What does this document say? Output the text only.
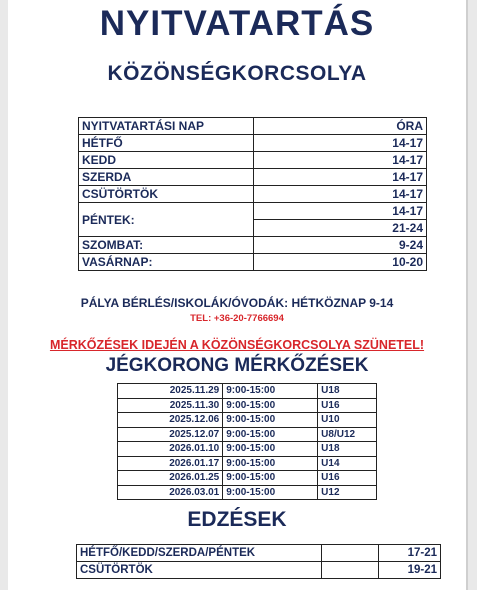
NYITVATARTÁS
KÖZÖNSÉGKORCSOLYA
NYITVATARTÁSI NAP	ÓRA
HÉTFŐ	14-17
KEDD	14-17
SZERDA	14-17
CSÜTÖRTÖK	14-17
PÉNTEK:	14-17
	21-24
SZOMBAT:	9-24
VASÁRNAP:	10-20
PÁLYA BÉRLÉS/ISKOLÁK/ÓVODÁK: HÉTKÖZNAP 9-14
TEL: +36-20-7766694
MÉRKŐZÉSEK IDEJÉN A KÖZÖNSÉGKORCSOLYA SZÜNETEL!
JÉGKORONG MÉRKŐZÉSEK
2025.11.29	9:00-15:00	U18
2025.11.30	9:00-15:00	U16
2025.12.06	9:00-15:00	U10
2025.12.07	9:00-15:00	U8/U12
2026.01.10	9:00-15:00	U18
2026.01.17	9:00-15:00	U14
2026.01.25	9:00-15:00	U16
2026.03.01	9:00-15:00	U12
EDZÉSEK
HÉTFŐ/KEDD/SZERDA/PÉNTEK		17-21
CSÜTÖRTÖK		19-21
